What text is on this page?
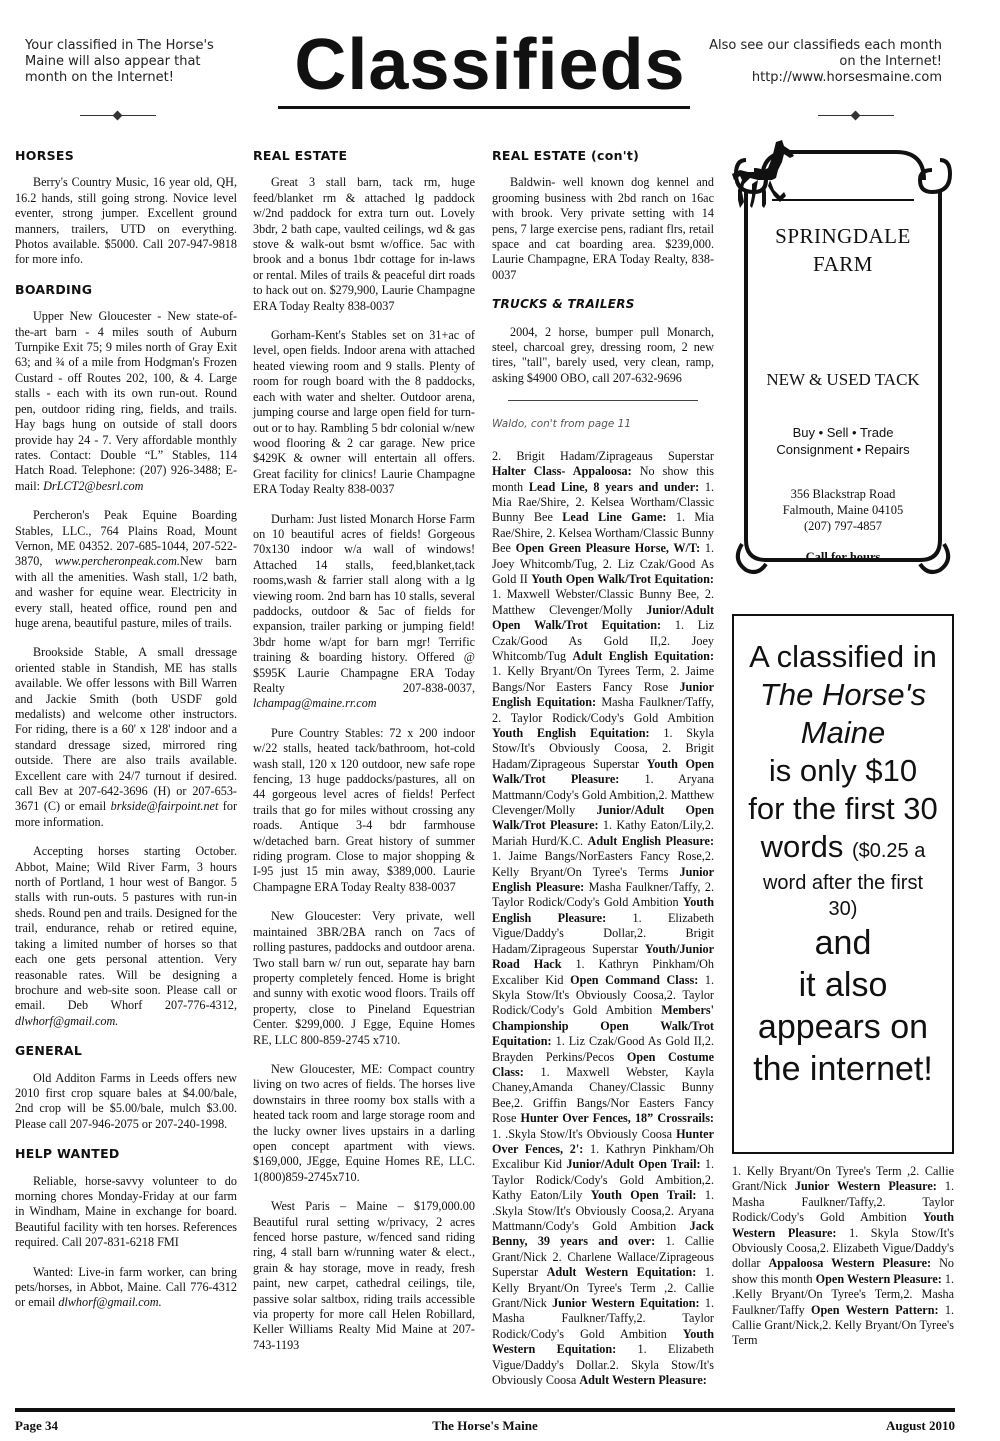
Your classified in The Horse's Maine will also appear that month on the Internet!	Classifieds	Also see our classifieds each month on the Internet!
http://www.horsesmaine.com
HORSES

Berry's Country Music, 16 year old, QH, 16.2 hands, still going strong. Novice level eventer, strong jumper. Excellent ground manners, trailers, UTD on everything. Photos available. $5000. Call 207-947-9818 for more info.

BOARDING

Upper New Gloucester - New state-of-the-art barn - 4 miles south of Auburn Turnpike Exit 75; 9 miles north of Gray Exit 63; and ¾ of a mile from Hodgman's Frozen Custard - off Routes 202, 100, & 4. Large stalls - each with its own run-out. Round pen, outdoor riding ring, fields, and trails. Hay bags hung on outside of stall doors provide hay 24 - 7. Very affordable monthly rates. Contact: Double “L” Stables, 114 Hatch Road. Telephone: (207) 926-3488; E-mail: DrLCT2@besrl.com

Percheron's Peak Equine Boarding Stables, LLC., 764 Plains Road, Mount Vernon, ME 04352. 207-685-1044, 207-522-3870, www.percheronpeak.com.New barn with all the amenities. Wash stall, 1/2 bath, and washer for equine wear. Electricity in every stall, heated office, round pen and huge arena, beautiful pasture, miles of trails.

Brookside Stable, A small dressage oriented stable in Standish, ME has stalls available. We offer lessons with Bill Warren and Jackie Smith (both USDF gold medalists) and welcome other instructors. For riding, there is a 60' x 128' indoor and a standard dressage sized, mirrored ring outside. There are also trails available. Excellent care with 24/7 turnout if desired. call Bev at 207-642-3696 (H) or 207-653-3671 (C) or email brkside@fairpoint.net for more information.

Accepting horses starting October. Abbot, Maine; Wild River Farm, 3 hours north of Portland, 1 hour west of Bangor. 5 stalls with run-outs. 5 pastures with run-in sheds. Round pen and trails. Designed for the trail, endurance, rehab or retired equine, taking a limited number of horses so that each one gets personal attention. Very reasonable rates. Will be designing a brochure and web-site soon. Please call or email. Deb Whorf 207-776-4312, dlwhorf@gmail.com.

GENERAL

Old Additon Farms in Leeds offers new 2010 first crop square bales at $4.00/bale, 2nd crop will be $5.00/bale, mulch $3.00. Please call 207-946-2075 or 207-240-1998.

HELP WANTED

Reliable, horse-savvy volunteer to do morning chores Monday-Friday at our farm in Windham, Maine in exchange for board. Beautiful facility with ten horses. References required. Call 207-831-6218 FMI

Wanted: Live-in farm worker, can bring pets/horses, in Abbot, Maine. Call 776-4312 or email dlwhorf@gmail.com.

REAL ESTATE

Great 3 stall barn, tack rm, huge feed/blanket rm & attached lg paddock w/2nd paddock for extra turn out. Lovely 3bdr, 2 bath cape, vaulted ceilings, wd & gas stove & walk-out bsmt w/office. 5ac with brook and a bonus 1bdr cottage for in-laws or rental. Miles of trails & peaceful dirt roads to hack out on. $279,900, Laurie Champagne ERA Today Realty 838-0037

Gorham-Kent's Stables set on 31+ac of level, open fields. Indoor arena with attached heated viewing room and 9 stalls. Plenty of room for rough board with the 8 paddocks, each with water and shelter. Outdoor arena, jumping course and large open field for turn-out or to hay. Rambling 5 bdr colonial w/new wood flooring & 2 car garage. New price $429K & owner will entertain all offers. Great facility for clinics! Laurie Champagne ERA Today Realty 838-0037

Durham: Just listed Monarch Horse Farm on 10 beautiful acres of fields! Gorgeous 70x130 indoor w/a wall of windows! Attached 14 stalls, feed,blanket,tack rooms,wash & farrier stall along with a lg viewing room. 2nd barn has 10 stalls, several paddocks, outdoor & 5ac of fields for expansion, trailer parking or jumping field! 3bdr home w/apt for barn mgr! Terrific training & boarding history. Offered @ $595K Laurie Champagne ERA Today Realty 207-838-0037, lchampag@maine.rr.com

Pure Country Stables: 72 x 200 indoor w/22 stalls, heated tack/bathroom, hot-cold wash stall, 120 x 120 outdoor, new safe rope fencing, 13 huge paddocks/pastures, all on 44 gorgeous level acres of fields! Perfect trails that go for miles without crossing any roads. Antique 3-4 bdr farmhouse w/detached barn. Great history of summer riding program. Close to major shopping & I-95 just 15 min away, $389,000. Laurie Champagne ERA Today Realty 838-0037

New Gloucester: Very private, well maintained 3BR/2BA ranch on 7acs of rolling pastures, paddocks and outdoor arena. Two stall barn w/ run out, separate hay barn property completely fenced. Home is bright and sunny with exotic wood floors. Trails off property, close to Pineland Equestrian Center. $299,000. J Egge, Equine Homes RE, LLC 800-859-2745 x710.

New Gloucester, ME: Compact country living on two acres of fields. The horses live downstairs in three roomy box stalls with a heated tack room and large storage room and the lucky owner lives upstairs in a darling open concept apartment with views. $169,000, JEgge, Equine Homes RE, LLC. 1(800)859-2745x710.

West Paris – Maine – $179,000.00 Beautiful rural setting w/privacy, 2 acres fenced horse pasture, w/fenced sand riding ring, 4 stall barn w/running water & elect., grain & hay storage, move in ready, fresh paint, new carpet, cathedral ceilings, tile, passive solar saltbox, riding trails accessible via property for more call Helen Robillard, Keller Williams Realty Mid Maine at 207-743-1193

REAL ESTATE (con't)

Baldwin- well known dog kennel and grooming business with 2bd ranch on 16ac with brook. Very private setting with 14 pens, 7 large exercise pens, radiant flrs, retail space and cat boarding area. $239,000. Laurie Champagne, ERA Today Realty, 838-0037

TRUCKS & TRAILERS

2004, 2 horse, bumper pull Monarch, steel, charcoal grey, dressing room, 2 new tires, "tall", barely used, very clean, ramp, asking $4900 OBO, call 207-632-9696

Waldo, con't from page 11

2. Brigit Hadam/Zipragеaus Superstar Halter Class- Appaloosa: No show this month Lead Line, 8 years and under: 1. Mia Rae/Shire, 2. Kelsea Wortham/Classic Bunny Bee Lead Line Game: 1. Mia Rae/Shire, 2. Kelsea Wortham/Classic Bunny Bee Open Green Pleasure Horse, W/T: 1. Joey Whitcomb/Tug, 2. Liz Czak/Good As Gold II Youth Open Walk/Trot Equitation: 1. Maxwell Webster/Classic Bunny Bee, 2. Matthew Clevenger/Molly Junior/Adult Open Walk/Trot Equitation: 1. Liz Czak/Good As Gold II,2. Joey Whitcomb/Tug Adult English Equitation: 1. Kelly Bryant/On Tyrees Term, 2. Jaime Bangs/Nor Easters Fancy Rose Junior English Equitation: Masha Faulkner/Taffy, 2. Taylor Rodick/Cody's Gold Ambition Youth English Equitation: 1. Skyla Stow/It's Obviously Coosa, 2. Brigit Hadam/Zipragеous Superstar Youth Open Walk/Trot Pleasure: 1. Aryana Mattmann/Cody's Gold Ambition,2. Matthew Clevenger/Molly Junior/Adult Open Walk/Trot Pleasure: 1. Kathy Eaton/Lily,2. Mariah Hurd/K.C. Adult English Pleasure: 1. Jaime Bangs/NorEasters Fancy Rose,2. Kelly Bryant/On Tyree's Terms Junior English Pleasure: Masha Faulkner/Taffy, 2. Taylor Rodick/Cody's Gold Ambition Youth English Pleasure: 1. Elizabeth Vigue/Daddy's Dollar,2. Brigit Hadam/Zipragеous Superstar Youth/Junior Road Hack 1. Kathryn Pinkham/Oh Excaliber Kid Open Command Class: 1. Skyla Stow/It's Obviously Coosa,2. Taylor Rodick/Cody's Gold Ambition Members' Championship Open Walk/Trot Equitation: 1. Liz Czak/Good As Gold II,2. Brayden Perkins/Pecos Open Costume Class: 1. Maxwell Webster, Kayla Chaney,Amanda Chaney/Classic Bunny Bee,2. Griffin Bangs/Nor Easters Fancy Rose Hunter Over Fences, 18” Crossrails: 1. .Skyla Stow/It's Obviously Coosa Hunter Over Fences, 2': 1. Kathryn Pinkham/Oh Excalibur Kid Junior/Adult Open Trail: 1. Taylor Rodick/Cody's Gold Ambition,2. Kathy Eaton/Lily Youth Open Trail: 1. .Skyla Stow/It's Obviously Coosa,2. Aryana Mattmann/Cody's Gold Ambition Jack Benny, 39 years and over: 1. Callie Grant/Nick 2. Charlene Wallace/Zipragеous Superstar Adult Western Equitation: 1. Kelly Bryant/On Tyree's Term ,2. Callie Grant/Nick Junior Western Equitation: 1. Masha Faulkner/Taffy,2. Taylor Rodick/Cody's Gold Ambition Youth Western Equitation: 1. Elizabeth Vigue/Daddy's Dollar.2. Skyla Stow/It's Obviously Coosa Adult Western Pleasure:

SPRINGDALE
FARM
NEW & USED TACK
Buy • Sell • Trade
Consignment • Repairs
356 Blackstrap Road
Falmouth, Maine 04105
(207) 797-4857
Call for hours
A classified in
The Horse's
Maine
is only $10
for the first 30
words ($0.25 a
word after the first
30)
and
it also
appears on
the internet!

1. Kelly Bryant/On Tyree's Term ,2. Callie Grant/Nick Junior Western Pleasure: 1. Masha Faulkner/Taffy,2. Taylor Rodick/Cody's Gold Ambition Youth Western Pleasure: 1. Skyla Stow/It's Obviously Coosa,2. Elizabeth Vigue/Daddy's dollar Appaloosa Western Pleasure: No show this month Open Western Pleasure: 1. .Kelly Bryant/On Tyree's Term,2. Masha Faulkner/Taffy Open Western Pattern: 1. Callie Grant/Nick,2. Kelly Bryant/On Tyree's Term

Page 34	The Horse's Maine	August 2010
